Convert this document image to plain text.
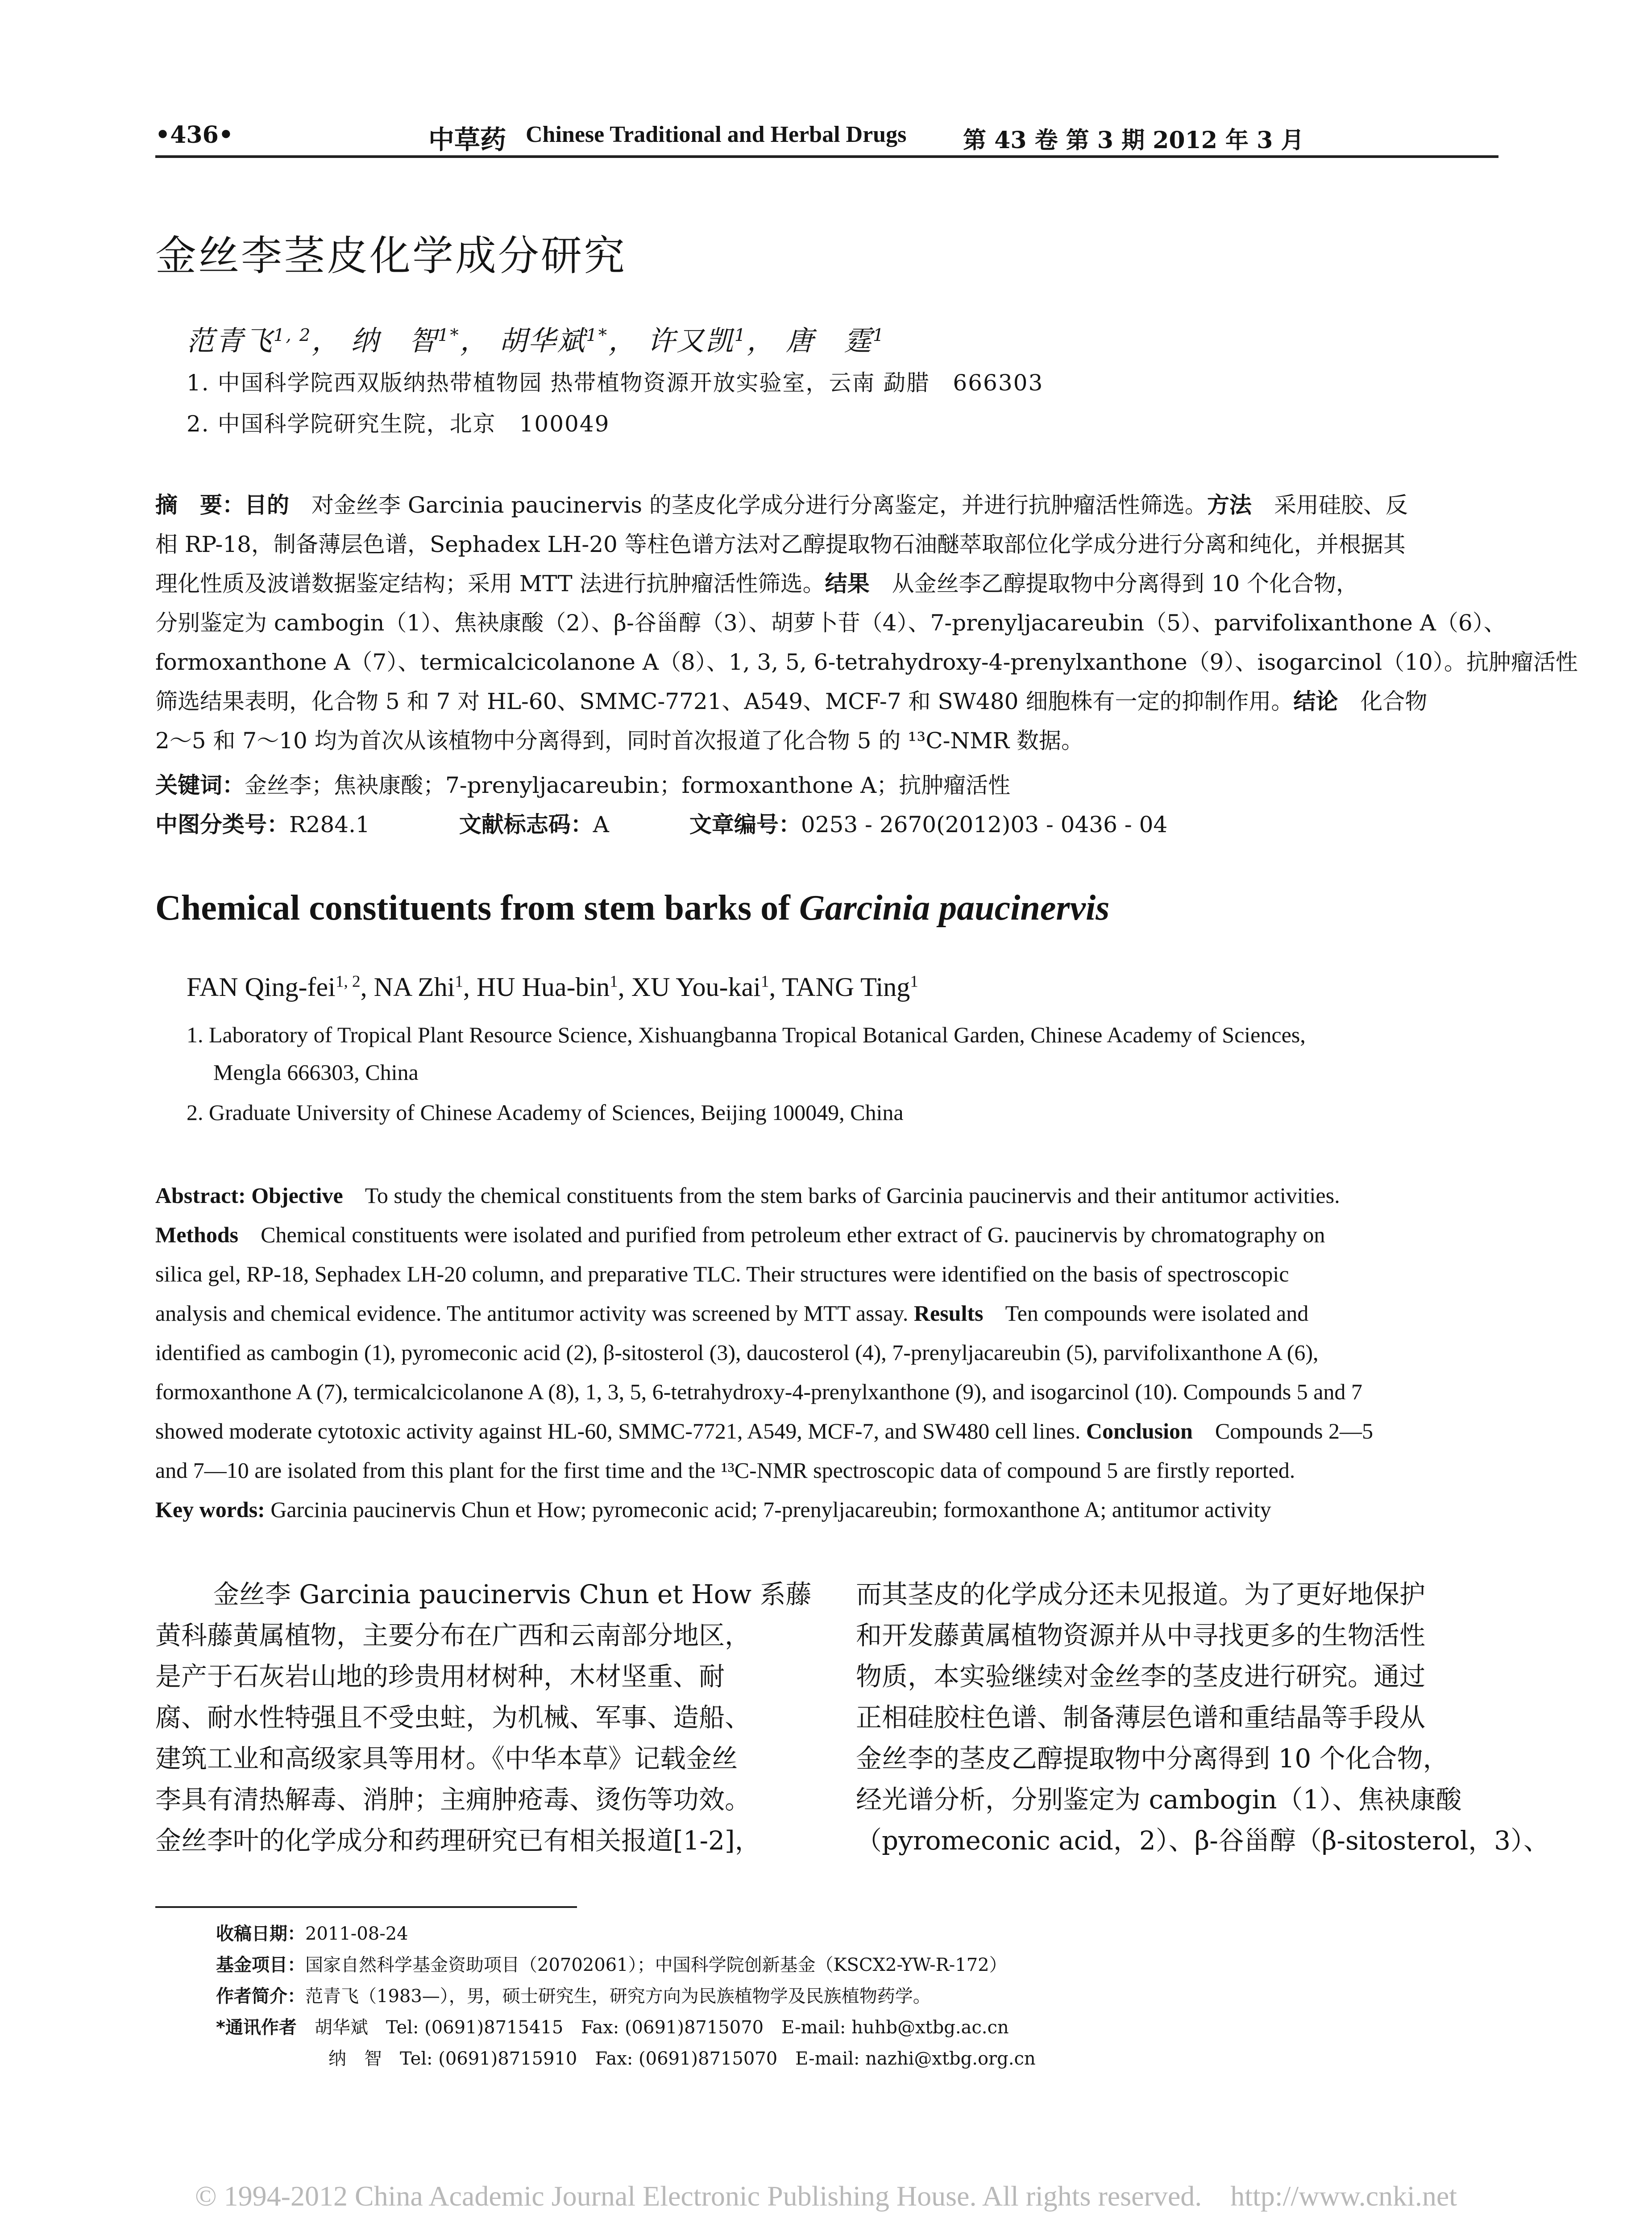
•436•	中草药 Chinese Traditional and Herbal Drugs 第 43 卷 第 3 期 2012 年 3 月
金丝李茎皮化学成分研究
范青飞$^{1, 2}$， 纳　智$^{1*}$， 胡华斌$^{1*}$， 许又凯$^1$， 唐　霆$^1$
1. 中国科学院西双版纳热带植物园 热带植物资源开放实验室，云南 勐腊　666303
2. 中国科学院研究生院，北京　100049
摘　要：目的　 对金丝李 Garcinia paucinervis 的茎皮化学成分进行分离鉴定，并进行抗肿瘤活性筛选。方法　 采用硅胶、反
相 RP-18，制备薄层色谱，Sephadex LH-20 等柱色谱方法对乙醇提取物石油醚萃取部位化学成分进行分离和纯化，并根据其
理化性质及波谱数据鉴定结构；采用 MTT 法进行抗肿瘤活性筛选。结果　 从金丝李乙醇提取物中分离得到 10 个化合物，
分别鉴定为 cambogin（1）、焦袂康酸（2）、β-谷甾醇（3）、胡萝卜苷（4）、7-prenyljacareubin（5）、parvifolixanthone A（6）、
formoxanthone A（7）、termicalcicolanone A（8）、1, 3, 5, 6-tetrahydroxy-4-prenylxanthone（9）、isogarcinol（10）。抗肿瘤活性
筛选结果表明，化合物 5 和 7 对 HL-60、SMMC-7721、A549、MCF-7 和 SW480 细胞株有一定的抑制作用。结论　 化合物
2～5 和 7～10 均为首次从该植物中分离得到，同时首次报道了化合物 5 的 ¹³C-NMR 数据。
关键词：金丝李；焦袂康酸；7-prenyljacareubin；formoxanthone A；抗肿瘤活性
中图分类号：R284.1	文献标志码：A	文章编号：0253 - 2670(2012)03 - 0436 - 04
Chemical constituents from stem barks of Garcinia paucinervis
FAN Qing-fei$^{1, 2}$, NA Zhi$^1$, HU Hua-bin$^1$, XU You-kai$^1$, TANG Ting$^1$
1. Laboratory of Tropical Plant Resource Science, Xishuangbanna Tropical Botanical Garden, Chinese Academy of Sciences,
Mengla 666303, China
2. Graduate University of Chinese Academy of Sciences, Beijing 100049, China
Abstract: Objective To study the chemical constituents from the stem barks of Garcinia paucinervis and their antitumor activities.
Methods Chemical constituents were isolated and purified from petroleum ether extract of G. paucinervis by chromatography on
silica gel, RP-18, Sephadex LH-20 column, and preparative TLC. Their structures were identified on the basis of spectroscopic
analysis and chemical evidence. The antitumor activity was screened by MTT assay. Results Ten compounds were isolated and
identified as cambogin (1), pyromeconic acid (2), β-sitosterol (3), daucosterol (4), 7-prenyljacareubin (5), parvifolixanthone A (6),
formoxanthone A (7), termicalcicolanone A (8), 1, 3, 5, 6-tetrahydroxy-4-prenylxanthone (9), and isogarcinol (10). Compounds 5 and 7
showed moderate cytotoxic activity against HL-60, SMMC-7721, A549, MCF-7, and SW480 cell lines. Conclusion Compounds 2—5
and 7—10 are isolated from this plant for the first time and the ¹³C-NMR spectroscopic data of compound 5 are firstly reported.
Key words: Garcinia paucinervis Chun et How; pyromeconic acid; 7-prenyljacareubin; formoxanthone A; antitumor activity
金丝李 Garcinia paucinervis Chun et How 系藤
黄科藤黄属植物，主要分布在广西和云南部分地区，
是产于石灰岩山地的珍贵用材树种，木材坚重、耐
腐、耐水性特强且不受虫蛀，为机械、军事、造船、
建筑工业和高级家具等用材。《中华本草》记载金丝
李具有清热解毒、消肿；主痈肿疮毒、烫伤等功效。
金丝李叶的化学成分和药理研究已有相关报道[1-2]，
而其茎皮的化学成分还未见报道。为了更好地保护
和开发藤黄属植物资源并从中寻找更多的生物活性
物质，本实验继续对金丝李的茎皮进行研究。通过
正相硅胶柱色谱、制备薄层色谱和重结晶等手段从
金丝李的茎皮乙醇提取物中分离得到 10 个化合物，
经光谱分析，分别鉴定为 cambogin（1）、焦袂康酸
（pyromeconic acid，2）、β-谷甾醇（β-sitosterol，3）、
收稿日期：2011-08-24
基金项目：国家自然科学基金资助项目（20702061）；中国科学院创新基金（KSCX2-YW-R-172）
作者简介：范青飞（1983—），男，硕士研究生，研究方向为民族植物学及民族植物药学。
*通讯作者　 胡华斌　Tel: (0691)8715415　Fax: (0691)8715070　E-mail: huhb@xtbg.ac.cn
纳　智　Tel: (0691)8715910　Fax: (0691)8715070　E-mail: nazhi@xtbg.org.cn
© 1994-2012 China Academic Journal Electronic Publishing House. All rights reserved.　http://www.cnki.net
